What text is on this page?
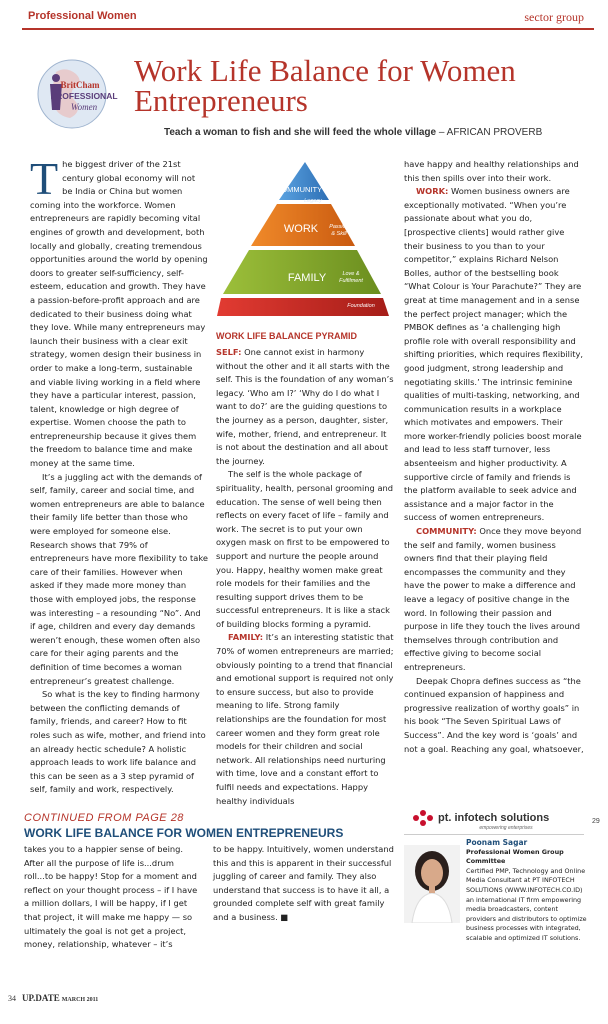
Professional Women	sector group
BritCham
PROFESSIONAL
Women
Work Life Balance for Women
Entrepreneurs
Teach a woman to fish and she will feed the whole village – AFRICAN PROVERB

The biggest driver of the 21st century global economy will not be India or China but women coming into the workforce. Women entrepreneurs are rapidly becoming vital engines of growth and development, both locally and globally, creating tremendous opportunities around the world by opening doors to greater self-sufficiency, self-esteem, education and growth. They have a passion-before-profit approach and are dedicated to their business doing what they love. While many entrepreneurs may launch their business with a clear exit strategy, women design their business in order to make a long-term, sustainable and viable living working in a field where they have a particular interest, passion, talent, knowledge or high degree of expertise. Women choose the path to entrepreneurship because it gives them the freedom to balance time and make money at the same time.

It’s a juggling act with the demands of self, family, career and social time, and women entrepreneurs are able to balance their family life better than those who were employed for someone else. Research shows that 79% of entrepreneurs have more flexibility to take care of their families. However when asked if they made more money than those with employed jobs, the response was interesting – a resounding “No”. And if age, children and every day demands weren’t enough, these women often also care for their aging parents and the definition of time becomes a woman entrepreneur’s greatest challenge.

So what is the key to finding harmony between the conflicting demands of family, friends, and career? How to fit roles such as wife, mother, and friend into an already hectic schedule? A holistic approach leads to work life balance and this can be seen as a 3 step pyramid of self, family and work, respectively.

COMMUNITY
Legacy
WORK Passion
& Skill
FAMILY	Love &
Fulfilment
SELF
Foundation
WORK LIFE BALANCE PYRAMID

SELF: One cannot exist in harmony without the other and it all starts with the self. This is the foundation of any woman’s legacy. ‘Who am I?’ ‘Why do I do what I want to do?’ are the guiding questions to the journey as a person, daughter, sister, wife, mother, friend, and entrepreneur. It is not about the destination and all about the journey.

The self is the whole package of spirituality, health, personal grooming and education. The sense of well being then reflects on every facet of life – family and work. The secret is to put your own oxygen mask on first to be empowered to support and nurture the people around you. Happy, healthy women make great role models for their families and the resulting support drives them to be successful entrepreneurs. It is like a stack of building blocks forming a pyramid.

FAMILY: It’s an interesting statistic that 70% of women entrepreneurs are married; obviously pointing to a trend that financial and emotional support is required not only to ensure success, but also to provide meaning to life. Strong family relationships are the foundation for most career women and they form great role models for their children and social network. All relationships need nurturing with time, love and a constant effort to fulfil needs and expectations. Happy healthy individuals

have happy and healthy relationships and this then spills over into their work.

WORK: Women business owners are exceptionally motivated. “When you’re passionate about what you do, [prospective clients] would rather give their business to you than to your competitor,” explains Richard Nelson Bolles, author of the bestselling book “What Colour is Your Parachute?” They are great at time management and in a sense the perfect project manager; which the PMBOK defines as ‘a challenging high profile role with overall responsibility and shifting priorities, which requires flexibility, good judgment, strong leadership and negotiating skills.’ The intrinsic feminine qualities of multi-tasking, networking, and communication results in a workplace which motivates and empowers. Their more worker-friendly policies boost morale and lead to less staff turnover, less absenteeism and higher productivity. A supportive circle of family and friends is the platform available to seek advice and assistance and a major factor in the success of women entrepreneurs.

COMMUNITY: Once they move beyond the self and family, women business owners find that their playing field encompasses the community and they have the power to make a difference and leave a legacy of positive change in the word. In following their passion and purpose in life they touch the lives around themselves through contribution and effective giving to become social entrepreneurs.

Deepak Chopra defines success as “the continued expansion of happiness and progressive realization of worthy goals” in his book “The Seven Spiritual Laws of Success”. And the key word is ‘goals’ and not a goal. Reaching any goal, whatsoever,

CONTINUED FROM PAGE 28
WORK LIFE BALANCE FOR WOMEN ENTREPRENEURS
takes you to a happier sense of being. After all the purpose of life is...drum roll...to be happy! Stop for a moment and reflect on your thought process – if I have a million dollars, I will be happy, if I get that project, it will make me happy — so ultimately the goal is not get a project, money, relationship, whatever – it’s
to be happy. Intuitively, women understand this and this is apparent in their successful juggling of career and family. They also understand that success is to have it all, a grounded complete self with great family and a business. ■
pt. infotech solutions
empowering enterprises
Poonam Sagar
Professional Women Group Committee
Certified PMP, Technology and Online Media Consultant at PT INFOTECH SOLUTIONS (WWW.INFOTECH.CO.ID) an international IT firm empowering media broadcasters, content providers and distributors to optimize business processes with integrated, scalable and optimized IT solutions.
29
34 UP.DATE MARCH 2011
